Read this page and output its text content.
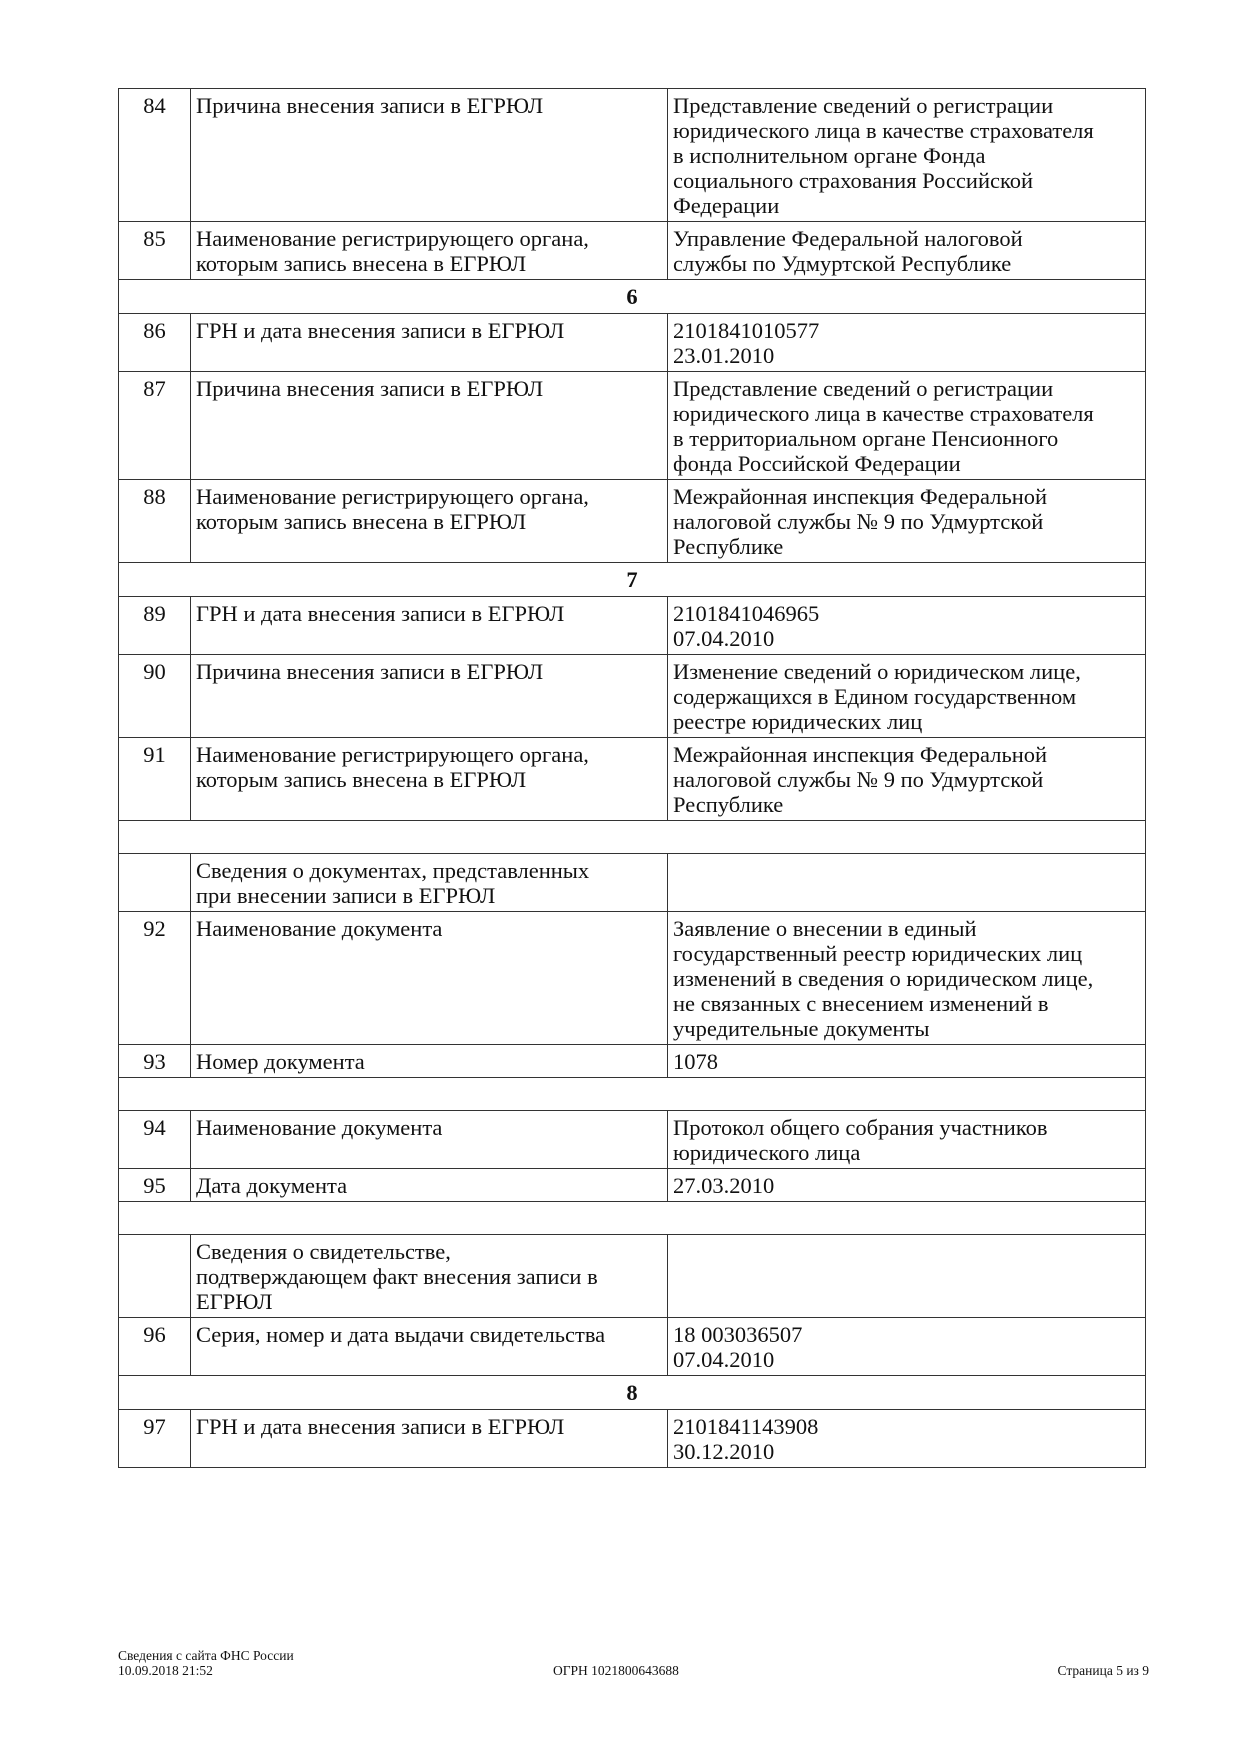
84	Причина внесения записи в ЕГРЮЛ	Представление сведений о регистрации
юридического лица в качестве страхователя
в исполнительном органе Фонда
социального страхования Российской
Федерации
85	Наименование регистрирующего органа,
которым запись внесена в ЕГРЮЛ	Управление Федеральной налоговой
службы по Удмуртской Республике
6		
86	ГРН и дата внесения записи в ЕГРЮЛ	2101841010577
23.01.2010
87	Причина внесения записи в ЕГРЮЛ	Представление сведений о регистрации
юридического лица в качестве страхователя
в территориальном органе Пенсионного
фонда Российской Федерации
88	Наименование регистрирующего органа,
которым запись внесена в ЕГРЮЛ	Межрайонная инспекция Федеральной
налоговой службы № 9 по Удмуртской
Республике
7		
89	ГРН и дата внесения записи в ЕГРЮЛ	2101841046965
07.04.2010
90	Причина внесения записи в ЕГРЮЛ	Изменение сведений о юридическом лице,
содержащихся в Едином государственном
реестре юридических лиц
91	Наименование регистрирующего органа,
которым запись внесена в ЕГРЮЛ	Межрайонная инспекция Федеральной
налоговой службы № 9 по Удмуртской
Республике

	Сведения о документах, представленных
при внесении записи в ЕГРЮЛ	
92	Наименование документа	Заявление о внесении в единый
государственный реестр юридических лиц
изменений в сведения о юридическом лице,
не связанных с внесением изменений в
учредительные документы
93	Номер документа	1078

94	Наименование документа	Протокол общего собрания участников
юридического лица
95	Дата документа	27.03.2010

	Сведения о свидетельстве,
подтверждающем факт внесения записи в
ЕГРЮЛ	
96	Серия, номер и дата выдачи свидетельства	18 003036507
07.04.2010
8		
97	ГРН и дата внесения записи в ЕГРЮЛ	2101841143908
30.12.2010
Сведения с сайта ФНС России
10.09.2018 21:52	ОГРН 1021800643688	Страница 5 из 9
